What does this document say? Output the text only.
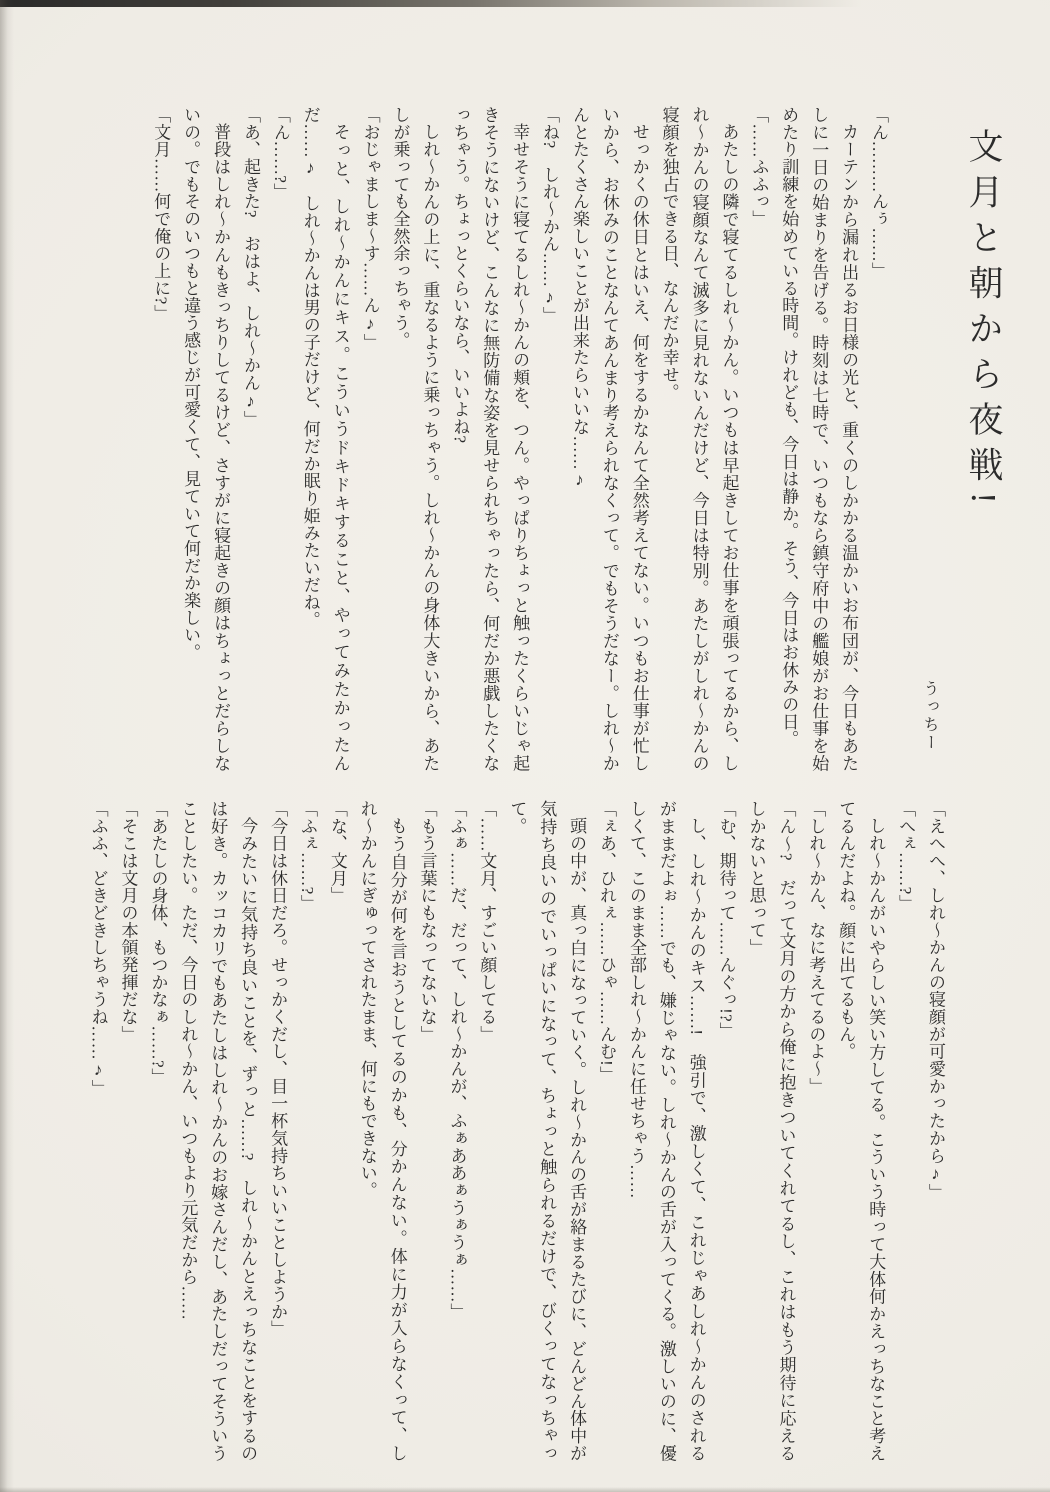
文月と朝から夜戦!

うっちー

「ん………んぅ……」

カーテンから漏れ出るお日様の光と、重くのしかかる温かいお布団が、今日もあたしに一日の始まりを告げる。時刻は七時で、いつもなら鎮守府中の艦娘がお仕事を始めたり訓練を始めている時間。けれども、今日は静か。そう、今日はお休みの日。

「……ふふっ」

あたしの隣で寝てるしれ〜かん。いつもは早起きしてお仕事を頑張ってるから、しれ〜かんの寝顔なんて滅多に見れないんだけど、今日は特別。あたしがしれ〜かんの寝顔を独占できる日、なんだか幸せ。

せっかくの休日とはいえ、何をするかなんて全然考えてない。いつもお仕事が忙しいから、お休みのことなんてあんまり考えられなくって。でもそうだなー。しれ〜かんとたくさん楽しいことが出来たらいいな……♪

「ね?　しれ〜かん……♪」

幸せそうに寝てるしれ〜かんの頬を、つん。やっぱりちょっと触ったくらいじゃ起きそうにないけど、こんなに無防備な姿を見せられちゃったら、何だか悪戯したくなっちゃう。ちょっとくらいなら、いいよね?

しれ〜かんの上に、重なるように乗っちゃう。しれ〜かんの身体大きいから、あたしが乗っても全然余っちゃう。

「おじゃましま〜す……ん♪」

そっと、しれ〜かんにキス。こういうドキドキすること、やってみたかったんだ……♪　しれ〜かんは男の子だけど、何だか眠り姫みたいだね。

「ん……?」

「あ、起きた?　おはよ、しれ〜かん♪」

普段はしれ〜かんもきっちりしてるけど、さすがに寝起きの顔はちょっとだらしないの。でもそのいつもと違う感じが可愛くて、見ていて何だか楽しい。

「文月……何で俺の上に?」

「えへへ、しれ〜かんの寝顔が可愛かったから♪」

「へぇ……?」

しれ〜かんがいやらしい笑い方してる。こういう時って大体何かえっちなこと考えてるんだよね。顔に出てるもん。

「しれ〜かん、なに考えてるのよ〜」

「ん〜?　だって文月の方から俺に抱きついてくれてるし、これはもう期待に応えるしかないと思って」

「む、期待って……んぐっ!?」

し、しれ〜かんのキス……!　強引で、激しくて、これじゃあしれ〜かんのされるがままだよぉ……でも、嫌じゃない。しれ〜かんの舌が入ってくる。激しいのに、優しくて、このまま全部しれ〜かんに任せちゃう……

「ぇあ、ひれぇ……ひゃ……んむ!」

頭の中が、真っ白になっていく。しれ〜かんの舌が絡まるたびに、どんどん体中が気持ち良いのでいっぱいになって、ちょっと触られるだけで、びくってなっちゃって。

「……文月、すごい顔してる」

「ふぁ……だ、だって、しれ〜かんが、ふぁああぁうぁうぁ……」

「もう言葉にもなってないな」

もう自分が何を言おうとしてるのかも、分かんない。体に力が入らなくって、しれ〜かんにぎゅってされたまま、何にもできない。

「な、文月」

「ふぇ……?」

「今日は休日だろ。せっかくだし、目一杯気持ちいいことしようか」

今みたいに気持ち良いことを、ずっと……?　しれ〜かんとえっちなことをするのは好き。カッコカリでもあたしはしれ〜かんのお嫁さんだし、あたしだってそういうことしたい。ただ、今日のしれ〜かん、いつもより元気だから……

「あたしの身体、もつかなぁ……?」

「そこは文月の本領発揮だな」

「ふふ、どきどきしちゃうね……♪」
